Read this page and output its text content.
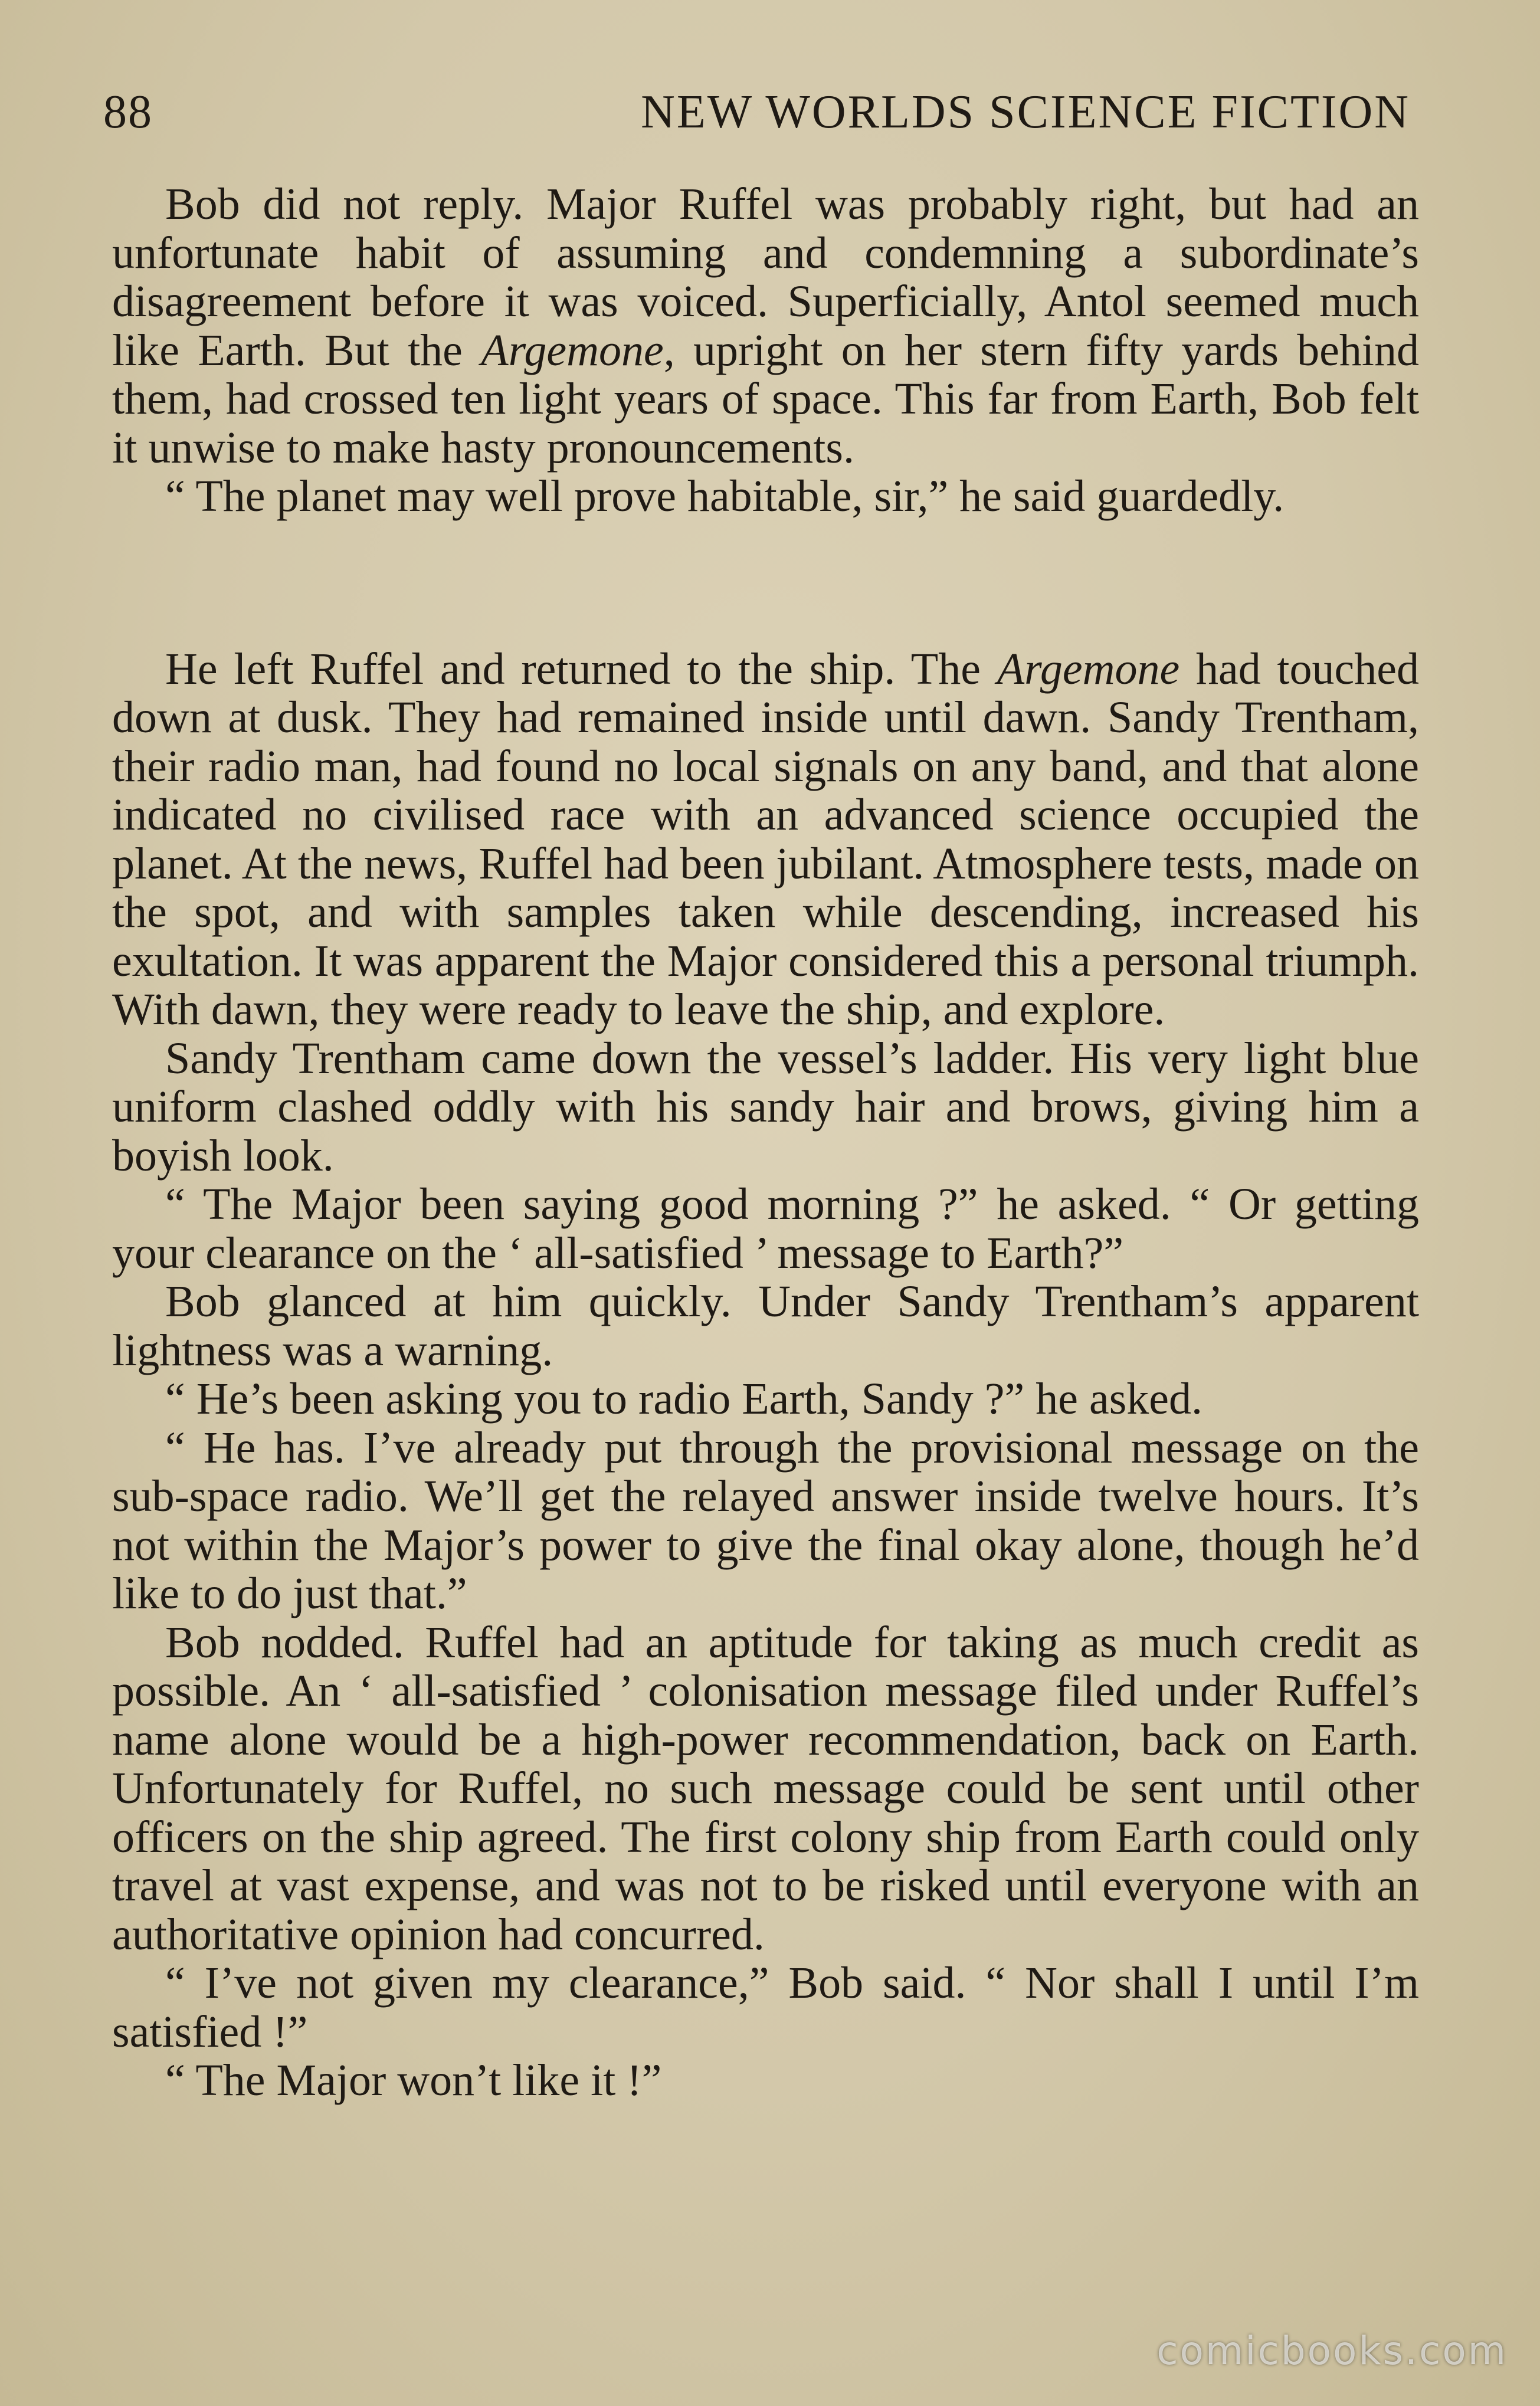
88	NEW WORLDS SCIENCE FICTION

Bob did not reply. Major Ruffel was probably right, but had an unfortunate habit of assuming and condemning a subordinate’s disagreement before it was voiced. Superficially, Antol seemed much like Earth. But the Argemone, upright on her stern fifty yards behind them, had crossed ten light years of space. This far from Earth, Bob felt it unwise to make hasty pronouncements.

“ The planet may well prove habitable, sir,” he said guardedly.

He left Ruffel and returned to the ship. The Argemone had touched down at dusk. They had remained inside until dawn. Sandy Trentham, their radio man, had found no local signals on any band, and that alone indicated no civilised race with an advanced science occupied the planet. At the news, Ruffel had been jubilant. Atmosphere tests, made on the spot, and with samples taken while descending, increased his exultation. It was apparent the Major considered this a personal triumph. With dawn, they were ready to leave the ship, and explore.

Sandy Trentham came down the vessel’s ladder. His very light blue uniform clashed oddly with his sandy hair and brows, giving him a boyish look.

“ The Major been saying good morning ?” he asked. “ Or getting your clearance on the ‘ all-satisfied ’ message to Earth?”

Bob glanced at him quickly. Under Sandy Trentham’s apparent lightness was a warning.

“ He’s been asking you to radio Earth, Sandy ?” he asked.

“ He has. I’ve already put through the provisional message on the sub-space radio. We’ll get the relayed answer inside twelve hours. It’s not within the Major’s power to give the final okay alone, though he’d like to do just that.”

Bob nodded. Ruffel had an aptitude for taking as much credit as possible. An ‘ all-satisfied ’ colonisation message filed under Ruffel’s name alone would be a high-power recommendation, back on Earth. Unfortunately for Ruffel, no such message could be sent until other officers on the ship agreed. The first colony ship from Earth could only travel at vast expense, and was not to be risked until everyone with an authoritative opinion had concurred.

“ I’ve not given my clearance,” Bob said. “ Nor shall I until I’m satisfied !”

“ The Major won’t like it !”

comicbooks.com
